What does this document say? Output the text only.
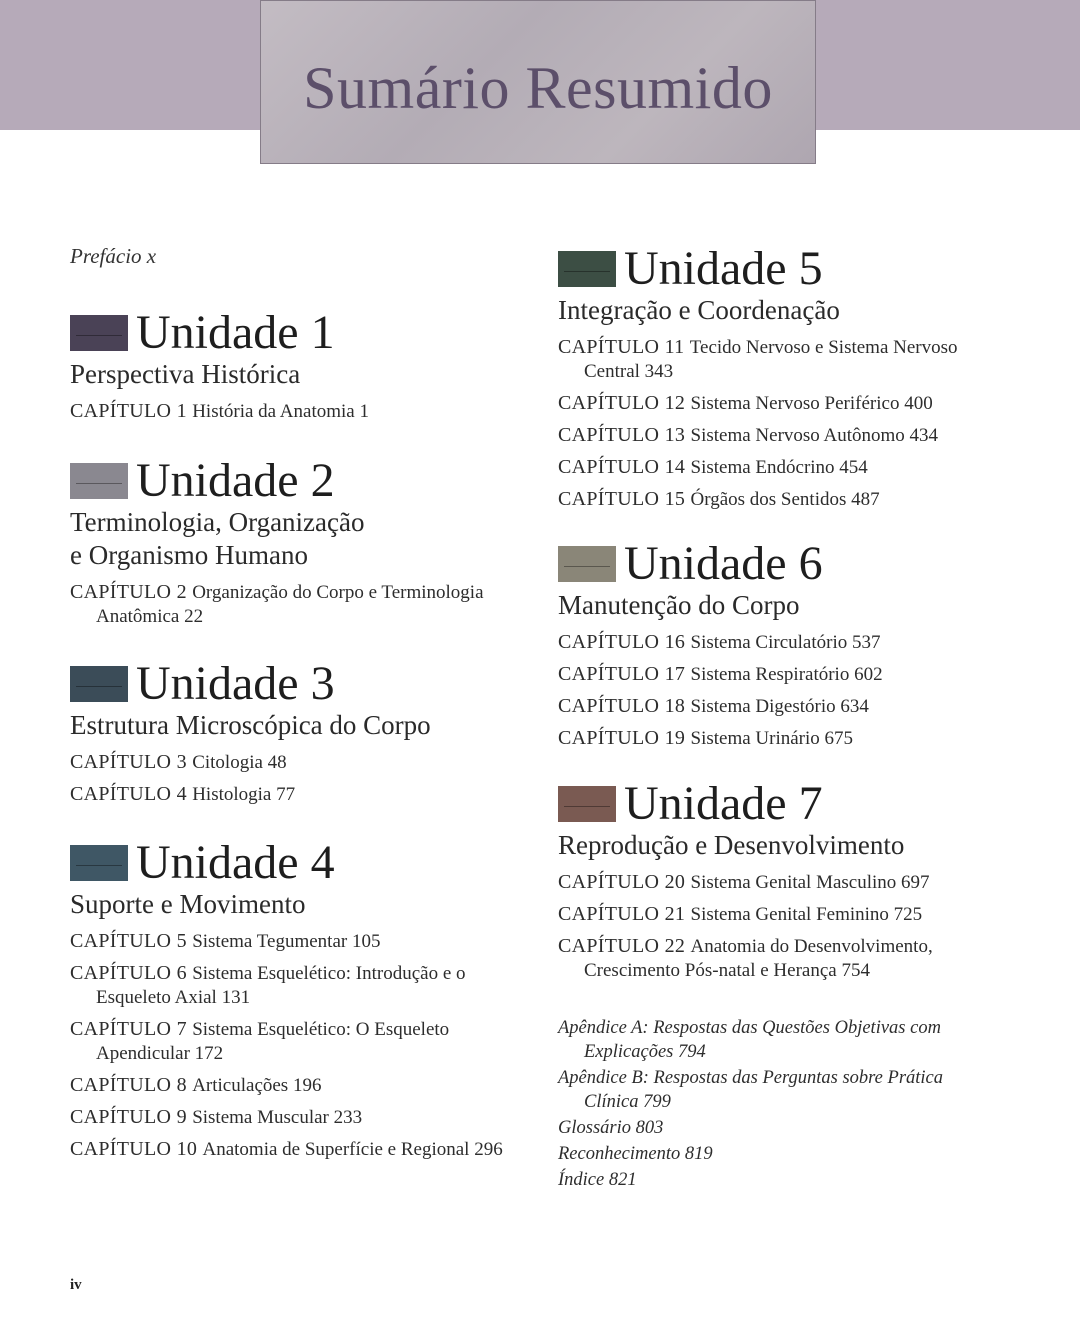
Sumário Resumido
Prefácio x
Unidade 1
Perspectiva Histórica
CAPÍTULO 1 História da Anatomia 1
Unidade 2
Terminologia, Organização
e Organismo Humano
CAPÍTULO 2 Organização do Corpo e Terminologia Anatômica 22
Unidade 3
Estrutura Microscópica do Corpo
CAPÍTULO 3 Citologia 48
CAPÍTULO 4 Histologia 77
Unidade 4
Suporte e Movimento
CAPÍTULO 5 Sistema Tegumentar 105
CAPÍTULO 6 Sistema Esquelético: Introdução e o Esqueleto Axial 131
CAPÍTULO 7 Sistema Esquelético: O Esqueleto Apendicular 172
CAPÍTULO 8 Articulações 196
CAPÍTULO 9 Sistema Muscular 233
CAPÍTULO 10 Anatomia de Superfície e Regional 296
Unidade 5
Integração e Coordenação
CAPÍTULO 11 Tecido Nervoso e Sistema Nervoso Central 343
CAPÍTULO 12 Sistema Nervoso Periférico 400
CAPÍTULO 13 Sistema Nervoso Autônomo 434
CAPÍTULO 14 Sistema Endócrino 454
CAPÍTULO 15 Órgãos dos Sentidos 487
Unidade 6
Manutenção do Corpo
CAPÍTULO 16 Sistema Circulatório 537
CAPÍTULO 17 Sistema Respiratório 602
CAPÍTULO 18 Sistema Digestório 634
CAPÍTULO 19 Sistema Urinário 675
Unidade 7
Reprodução e Desenvolvimento
CAPÍTULO 20 Sistema Genital Masculino 697
CAPÍTULO 21 Sistema Genital Feminino 725
CAPÍTULO 22 Anatomia do Desenvolvimento, Crescimento Pós-natal e Herança 754
Apêndice A: Respostas das Questões Objetivas com Explicações 794
Apêndice B: Respostas das Perguntas sobre Prática Clínica 799
Glossário 803
Reconhecimento 819
Índice 821
iv
